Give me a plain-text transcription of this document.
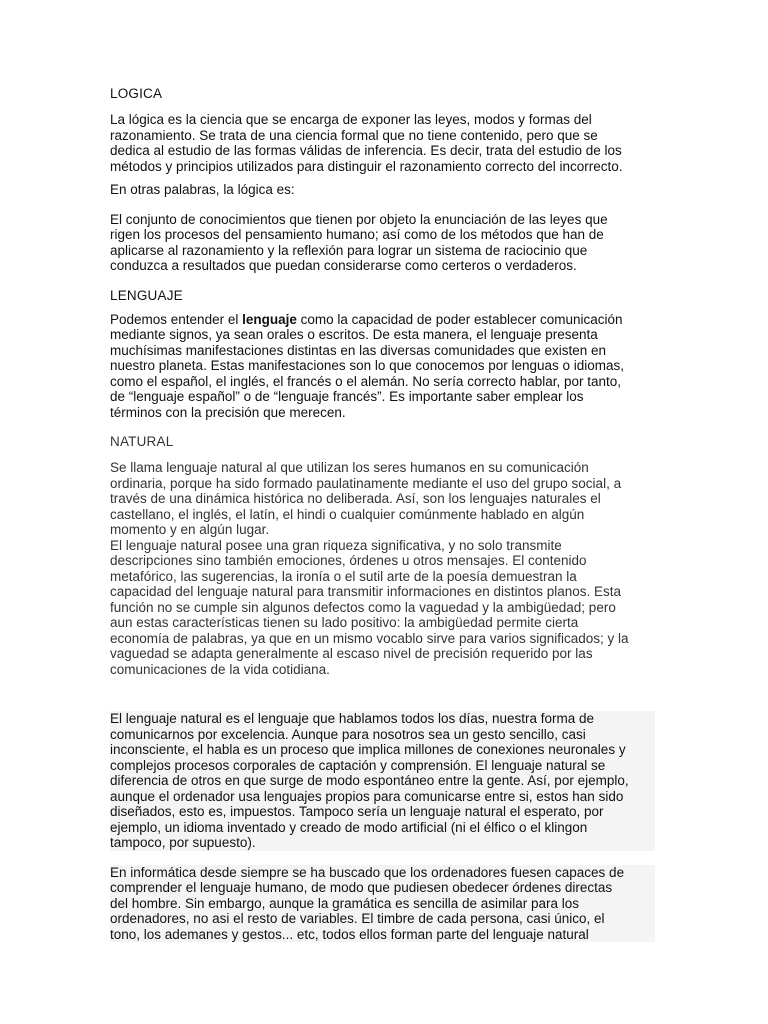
LOGICA

La lógica es la ciencia que se encarga de exponer las leyes, modos y formas del
razonamiento. Se trata de una ciencia formal que no tiene contenido, pero que se
dedica al estudio de las formas válidas de inferencia. Es decir, trata del estudio de los
métodos y principios utilizados para distinguir el razonamiento correcto del incorrecto.

En otras palabras, la lógica es:

El conjunto de conocimientos que tienen por objeto la enunciación de las leyes que
rigen los procesos del pensamiento humano; así como de los métodos que han de
aplicarse al razonamiento y la reflexión para lograr un sistema de raciocinio que
conduzca a resultados que puedan considerarse como certeros o verdaderos.

LENGUAJE

Podemos entender el lenguaje como la capacidad de poder establecer comunicación
mediante signos, ya sean orales o escritos. De esta manera, el lenguaje presenta
muchísimas manifestaciones distintas en las diversas comunidades que existen en
nuestro planeta. Estas manifestaciones son lo que conocemos por lenguas o idiomas,
como el español, el inglés, el francés o el alemán. No sería correcto hablar, por tanto,
de “lenguaje español” o de “lenguaje francés”. Es importante saber emplear los
términos con la precisión que merecen.

NATURAL

Se llama lenguaje natural al que utilizan los seres humanos en su comunicación
ordinaria, porque ha sido formado paulatinamente mediante el uso del grupo social, a
través de una dinámica histórica no deliberada. Así, son los lenguajes naturales el
castellano, el inglés, el latín, el hindi o cualquier comúnmente hablado en algún
momento y en algún lugar.
El lenguaje natural posee una gran riqueza significativa, y no solo transmite
descripciones sino también emociones, órdenes u otros mensajes. El contenido
metafórico, las sugerencias, la ironía o el sutil arte de la poesía demuestran la
capacidad del lenguaje natural para transmitir informaciones en distintos planos. Esta
función no se cumple sin algunos defectos como la vaguedad y la ambigüedad; pero
aun estas características tienen su lado positivo: la ambigüedad permite cierta
economía de palabras, ya que en un mismo vocablo sirve para varios significados; y la
vaguedad se adapta generalmente al escaso nivel de precisión requerido por las
comunicaciones de la vida cotidiana.

El lenguaje natural es el lenguaje que hablamos todos los días, nuestra forma de
comunicarnos por excelencia. Aunque para nosotros sea un gesto sencillo, casi
inconsciente, el habla es un proceso que implica millones de conexiones neuronales y
complejos procesos corporales de captación y comprensión. El lenguaje natural se
diferencia de otros en que surge de modo espontáneo entre la gente. Así, por ejemplo,
aunque el ordenador usa lenguajes propios para comunicarse entre si, estos han sido
diseñados, esto es, impuestos. Tampoco sería un lenguaje natural el esperato, por
ejemplo, un idioma inventado y creado de modo artificial (ni el élfico o el klingon
tampoco, por supuesto).

En informática desde siempre se ha buscado que los ordenadores fuesen capaces de
comprender el lenguaje humano, de modo que pudiesen obedecer órdenes directas
del hombre. Sin embargo, aunque la gramática es sencilla de asimilar para los
ordenadores, no asi el resto de variables. El timbre de cada persona, casi único, el
tono, los ademanes y gestos... etc, todos ellos forman parte del lenguaje natural
